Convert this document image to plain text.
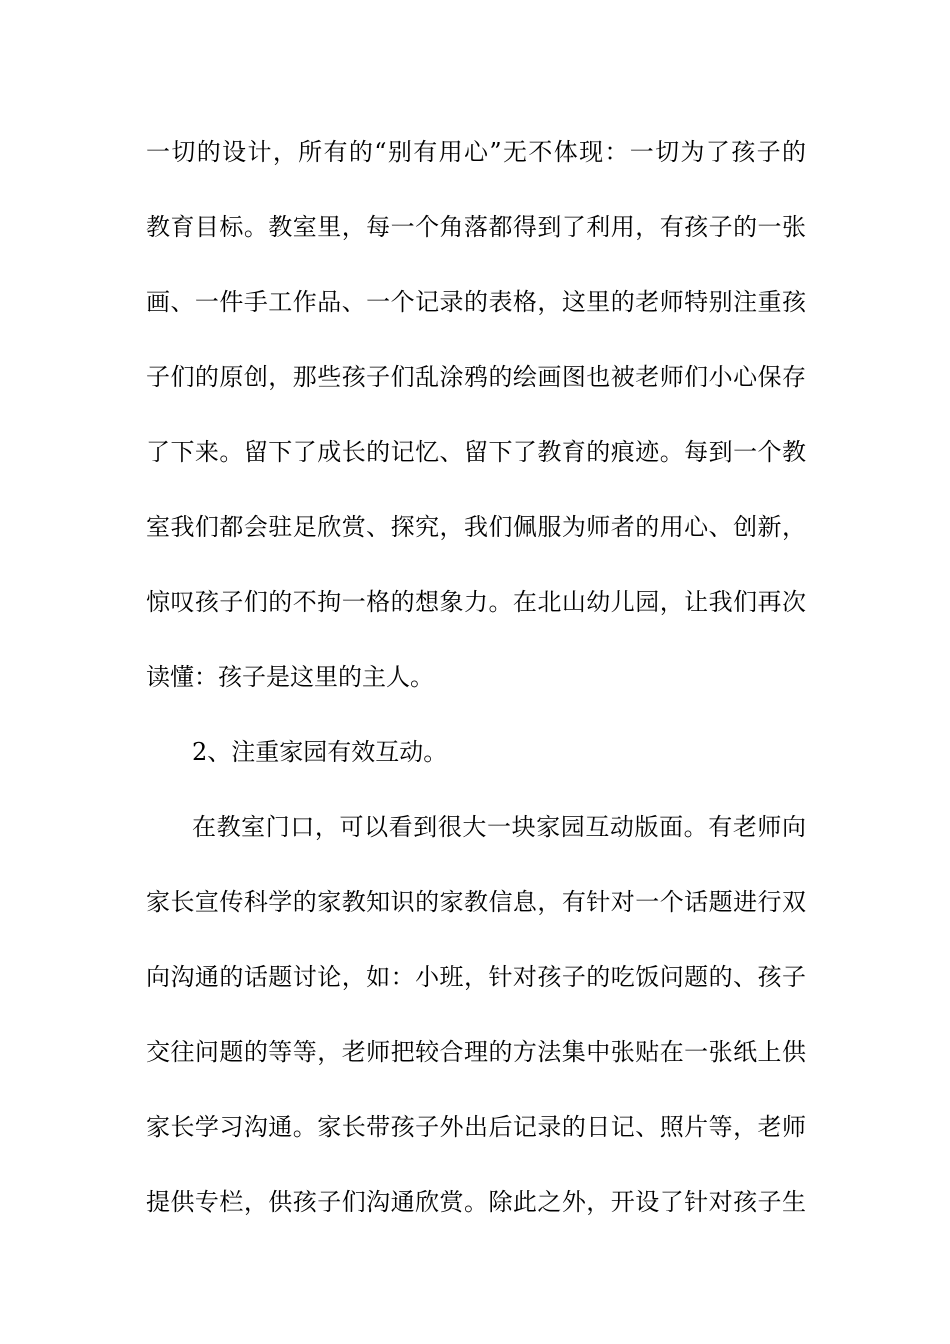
一切的设计，所有的“别有用心”无不体现：一切为了孩子的
教育目标。教室里，每一个角落都得到了利用，有孩子的一张
画、一件手工作品、一个记录的表格，这里的老师特别注重孩
子们的原创，那些孩子们乱涂鸦的绘画图也被老师们小心保存
了下来。留下了成长的记忆、留下了教育的痕迹。每到一个教
室我们都会驻足欣赏、探究，我们佩服为师者的用心、创新，
惊叹孩子们的不拘一格的想象力。在北山幼儿园，让我们再次
读懂：孩子是这里的主人。
2、注重家园有效互动。
在教室门口，可以看到很大一块家园互动版面。有老师向
家长宣传科学的家教知识的家教信息，有针对一个话题进行双
向沟通的话题讨论，如：小班，针对孩子的吃饭问题的、孩子
交往问题的等等，老师把较合理的方法集中张贴在一张纸上供
家长学习沟通。家长带孩子外出后记录的日记、照片等，老师
提供专栏，供孩子们沟通欣赏。除此之外，开设了针对孩子生
